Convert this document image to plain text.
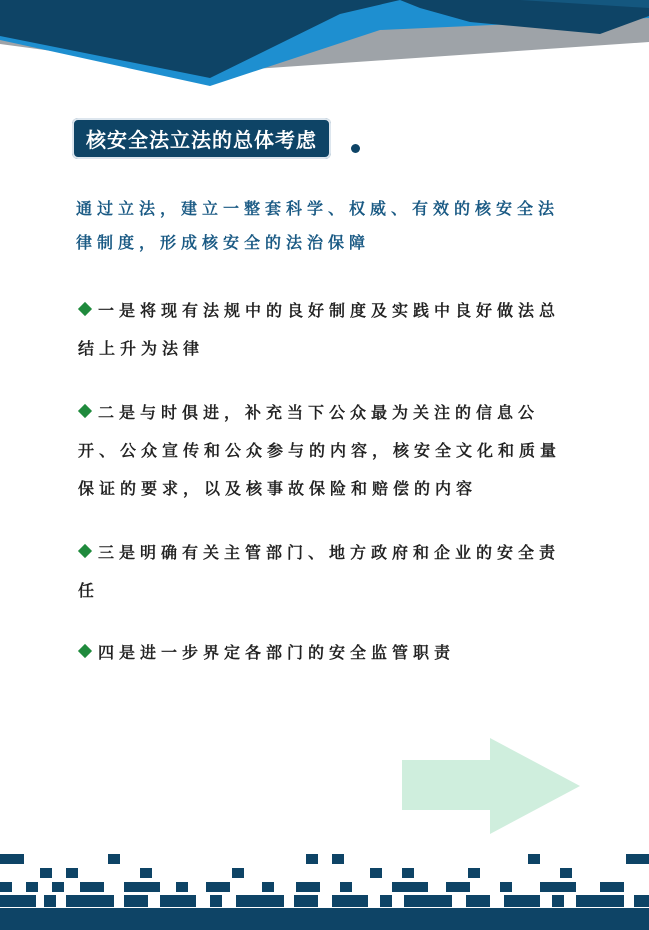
核安全法立法的总体考虑
通过立法，建立一整套科学、权威、有效的核安全法律制度，形成核安全的法治保障
一是将现有法规中的良好制度及实践中良好做法总结上升为法律
二是与时俱进，补充当下公众最为关注的信息公开、公众宣传和公众参与的内容，核安全文化和质量保证的要求，以及核事故保险和赔偿的内容
三是明确有关主管部门、地方政府和企业的安全责任
四是进一步界定各部门的安全监管职责
